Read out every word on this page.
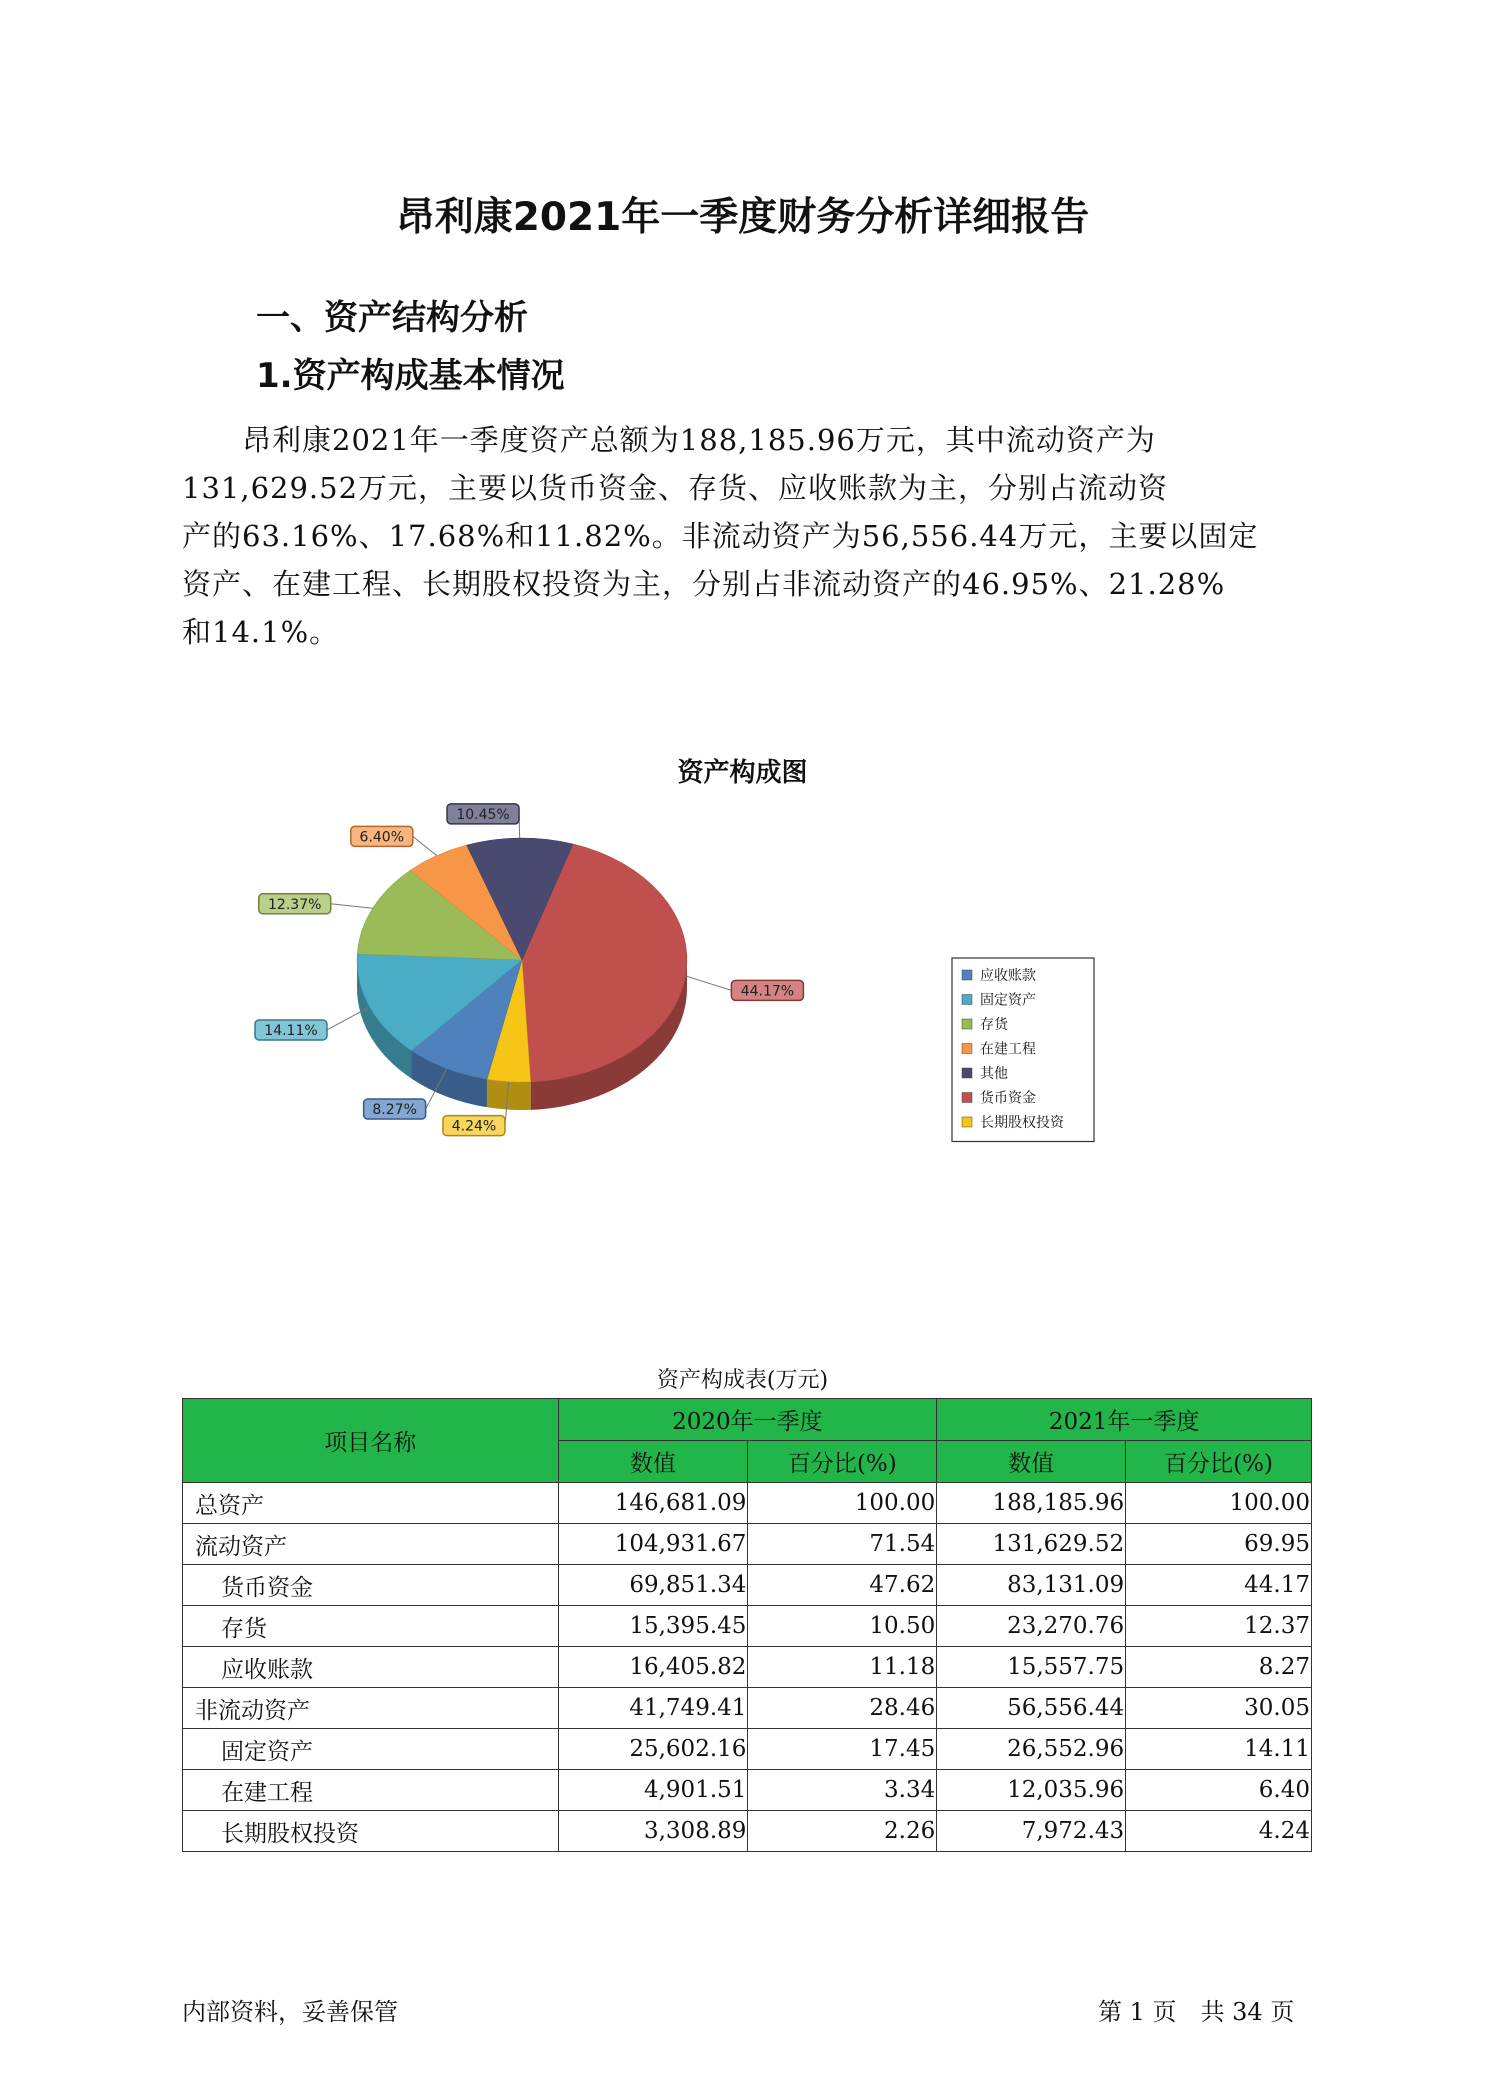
昂利康2021年一季度财务分析详细报告
一、资产结构分析
1.资产构成基本情况
　　昂利康2021年一季度资产总额为188,185.96万元，其中流动资产为
131,629.52万元，主要以货币资金、存货、应收账款为主，分别占流动资
产的63.16%、17.68%和11.82%。非流动资产为56,556.44万元，主要以固定
资产、在建工程、长期股权投资为主，分别占非流动资产的46.95%、21.28%
和14.1%。
资产构成图
44.17%
4.24%
8.27%
14.11%
12.37%
6.40%
10.45%
应收账款
固定资产
存货
在建工程
其他
货币资金
长期股权投资
资产构成表(万元)
项目名称	2020年一季度		2021年一季度	
	数值	百分比(%)	数值	百分比(%)
总资产	146,681.09	100.00	188,185.96	100.00
流动资产	104,931.67	71.54	131,629.52	69.95
货币资金	69,851.34	47.62	83,131.09	44.17
存货	15,395.45	10.50	23,270.76	12.37
应收账款	16,405.82	11.18	15,557.75	8.27
非流动资产	41,749.41	28.46	56,556.44	30.05
固定资产	25,602.16	17.45	26,552.96	14.11
在建工程	4,901.51	3.34	12,035.96	6.40
长期股权投资	3,308.89	2.26	7,972.43	4.24
内部资料，妥善保管	第 1 页　共 34 页
